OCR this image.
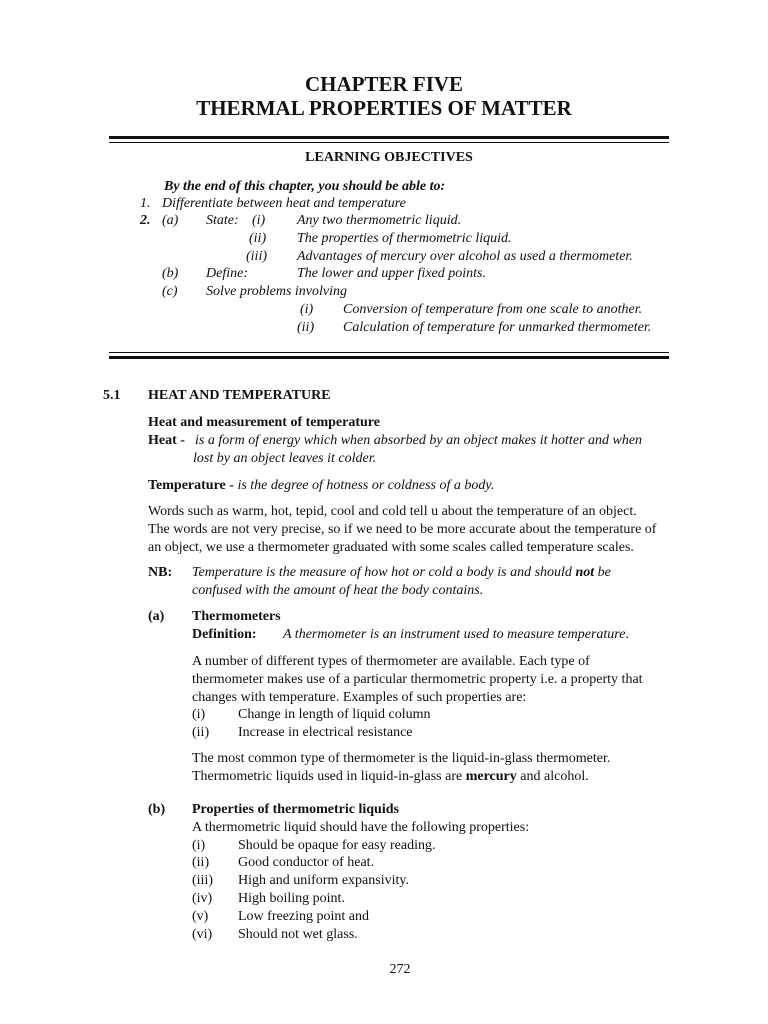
CHAPTER FIVE
THERMAL PROPERTIES OF MATTER
LEARNING OBJECTIVES
By the end of this chapter, you should be able to:
1. Differentiate between heat and temperature
2. (a) State: (i) Any two thermometric liquid.
(ii) The properties of thermometric liquid.
(iii) Advantages of mercury over alcohol as used a thermometer.
(b) Define:	The lower and upper fixed points.
(c) Solve problems involving
(i) Conversion of temperature from one scale to another.
(ii) Calculation of temperature for unmarked thermometer.
5.1 HEAT AND TEMPERATURE
Heat and measurement of temperature
Heat - is a form of energy which when absorbed by an object makes it hotter and when
lost by an object leaves it colder.
Temperature - is the degree of hotness or coldness of a body.
Words such as warm, hot, tepid, cool and cold tell u about the temperature of an object.
The words are not very precise, so if we need to be more accurate about the temperature of
an object, we use a thermometer graduated with some scales called temperature scales.
NB: Temperature is the measure of how hot or cold a body is and should not be
confused with the amount of heat the body contains.
(a) Thermometers
Definition: A thermometer is an instrument used to measure temperature.
A number of different types of thermometer are available. Each type of
thermometer makes use of a particular thermometric property i.e. a property that
changes with temperature. Examples of such properties are:
(i) Change in length of liquid column
(ii) Increase in electrical resistance
The most common type of thermometer is the liquid-in-glass thermometer.
Thermometric liquids used in liquid-in-glass are mercury and alcohol.
(b) Properties of thermometric liquids
A thermometric liquid should have the following properties:
(i) Should be opaque for easy reading.
(ii) Good conductor of heat.
(iii) High and uniform expansivity.
(iv) High boiling point.
(v) Low freezing point and
(vi) Should not wet glass.
272
